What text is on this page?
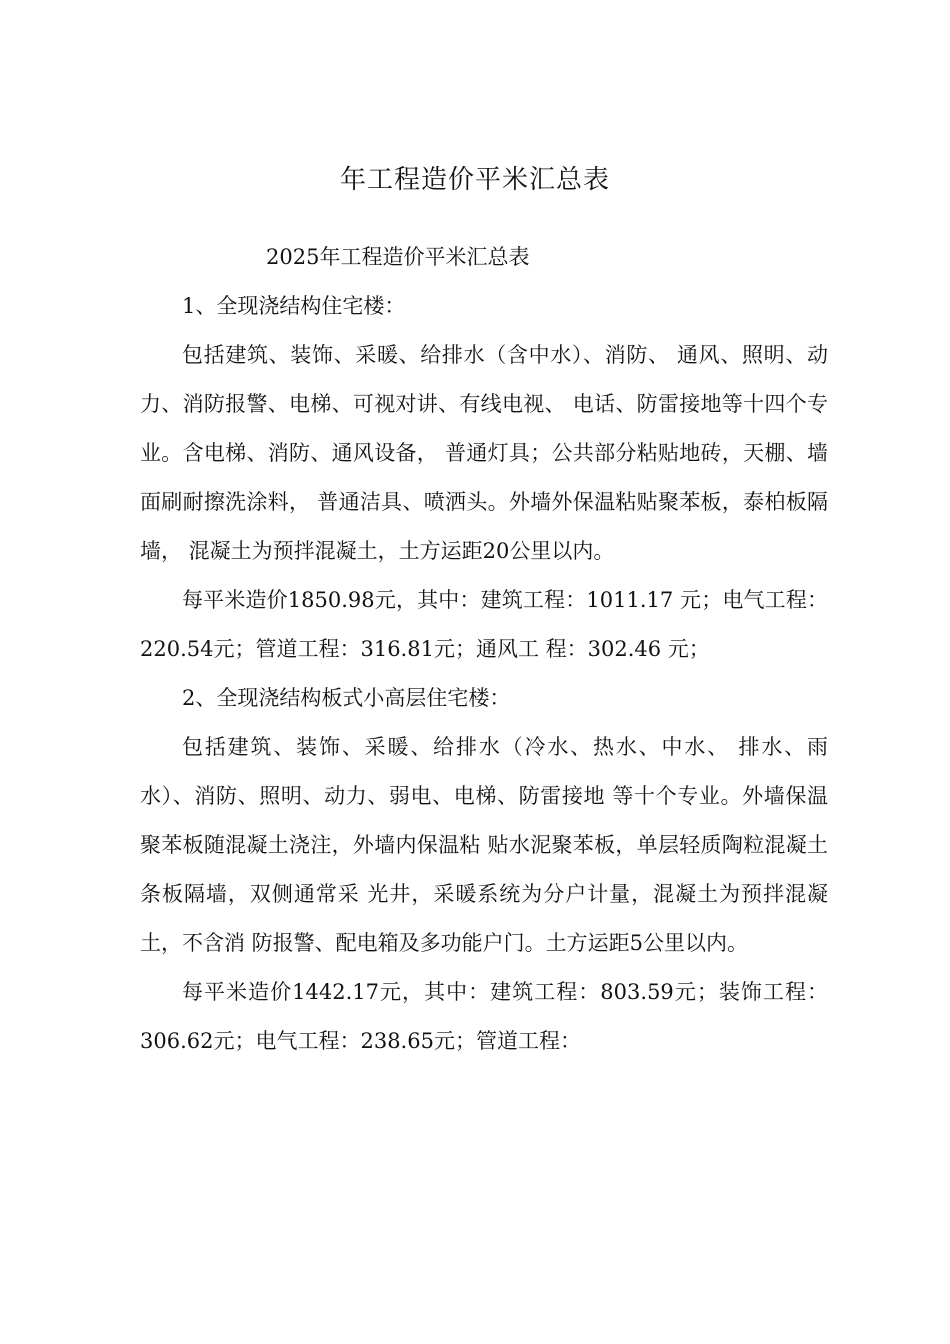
年工程造价平米汇总表

2025年工程造价平米汇总表

1、全现浇结构住宅楼：

包括建筑、装饰、采暖、给排水（含中水）、消防、 通风、照明、动力、消防报警、电梯、可视对讲、有线电视、 电话、防雷接地等十四个专业。含电梯、消防、通风设备， 普通灯具；公共部分粘贴地砖，天棚、墙面刷耐擦洗涂料， 普通洁具、喷洒头。外墙外保温粘贴聚苯板，泰柏板隔墙， 混凝土为预拌混凝土，土方运距20公里以内。

每平米造价1850.98元，其中：建筑工程：1011.17 元；电气工程：220.54元；管道工程：316.81元；通风工 程：302.46 元；

2、全现浇结构板式小高层住宅楼：

包括建筑、装饰、采暖、给排水（冷水、热水、中水、 排水、雨水）、消防、照明、动力、弱电、电梯、防雷接地 等十个专业。外墙保温聚苯板随混凝土浇注，外墙内保温粘 贴水泥聚苯板，单层轻质陶粒混凝土条板隔墙，双侧通常采 光井，采暖系统为分户计量，混凝土为预拌混凝土，不含消 防报警、配电箱及多功能户门。土方运距5公里以内。

每平米造价1442.17元，其中：建筑工程：803.59元；装饰工程：306.62元；电气工程：238.65元；管道工程：
